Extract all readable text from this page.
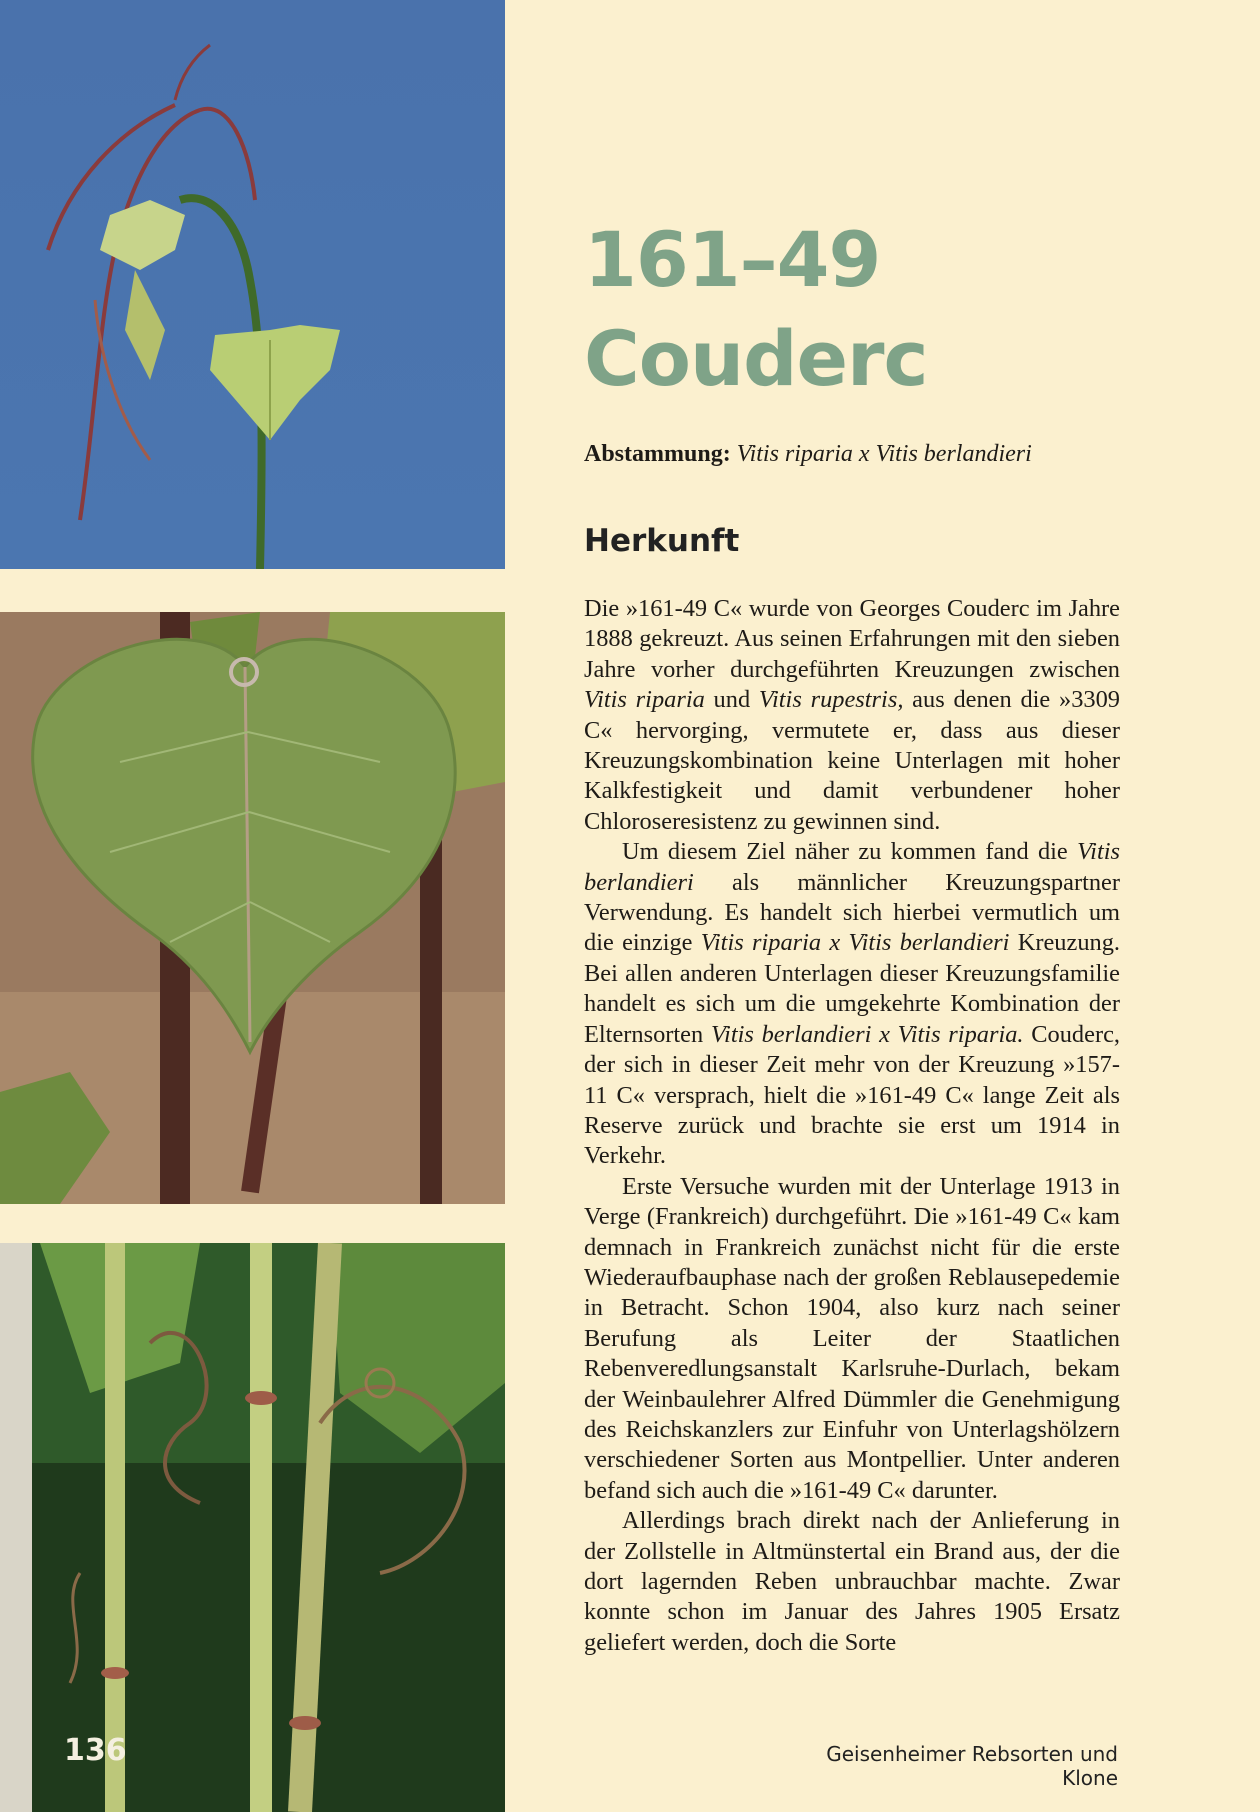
136
161–49
Couderc

Abstammung: Vitis riparia x Vitis berlandieri

Herkunft

Die »161-49 C« wurde von Georges Couderc im Jahre 1888 gekreuzt. Aus seinen Erfahrungen mit den sieben Jahre vorher durchgeführten Kreuzungen zwischen Vitis riparia und Vitis rupestris, aus denen die »3309 C« hervorging, vermutete er, dass aus dieser Kreuzungskombination keine Unterlagen mit hoher Kalkfestigkeit und damit verbundener hoher Chloroseresistenz zu gewinnen sind.

Um diesem Ziel näher zu kommen fand die Vitis berlandieri als männlicher Kreuzungspartner Verwendung. Es handelt sich hierbei vermutlich um die einzige Vitis riparia x Vitis berlandieri Kreuzung. Bei allen anderen Unterlagen dieser Kreuzungsfamilie handelt es sich um die umgekehrte Kombination der Elternsorten Vitis berlandieri x Vitis riparia. Couderc, der sich in dieser Zeit mehr von der Kreuzung »157-11 C« versprach, hielt die »161-49 C« lange Zeit als Reserve zurück und brachte sie erst um 1914 in Verkehr.

Erste Versuche wurden mit der Unterlage 1913 in Verge (Frankreich) durchgeführt. Die »161-49 C« kam demnach in Frankreich zunächst nicht für die erste Wiederaufbauphase nach der großen Reblausepedemie in Betracht. Schon 1904, also kurz nach seiner Berufung als Leiter der Staatlichen Rebenveredlungsanstalt Karlsruhe-Durlach, bekam der Weinbaulehrer Alfred Dümmler die Genehmigung des Reichskanzlers zur Einfuhr von Unterlagshölzern verschiedener Sorten aus Montpellier. Unter anderen befand sich auch die »161-49 C« darunter.

Allerdings brach direkt nach der Anlieferung in der Zollstelle in Altmünstertal ein Brand aus, der die dort lagernden Reben unbrauchbar machte. Zwar konnte schon im Januar des Jahres 1905 Ersatz geliefert werden, doch die Sorte

Geisenheimer Rebsorten und Klone
